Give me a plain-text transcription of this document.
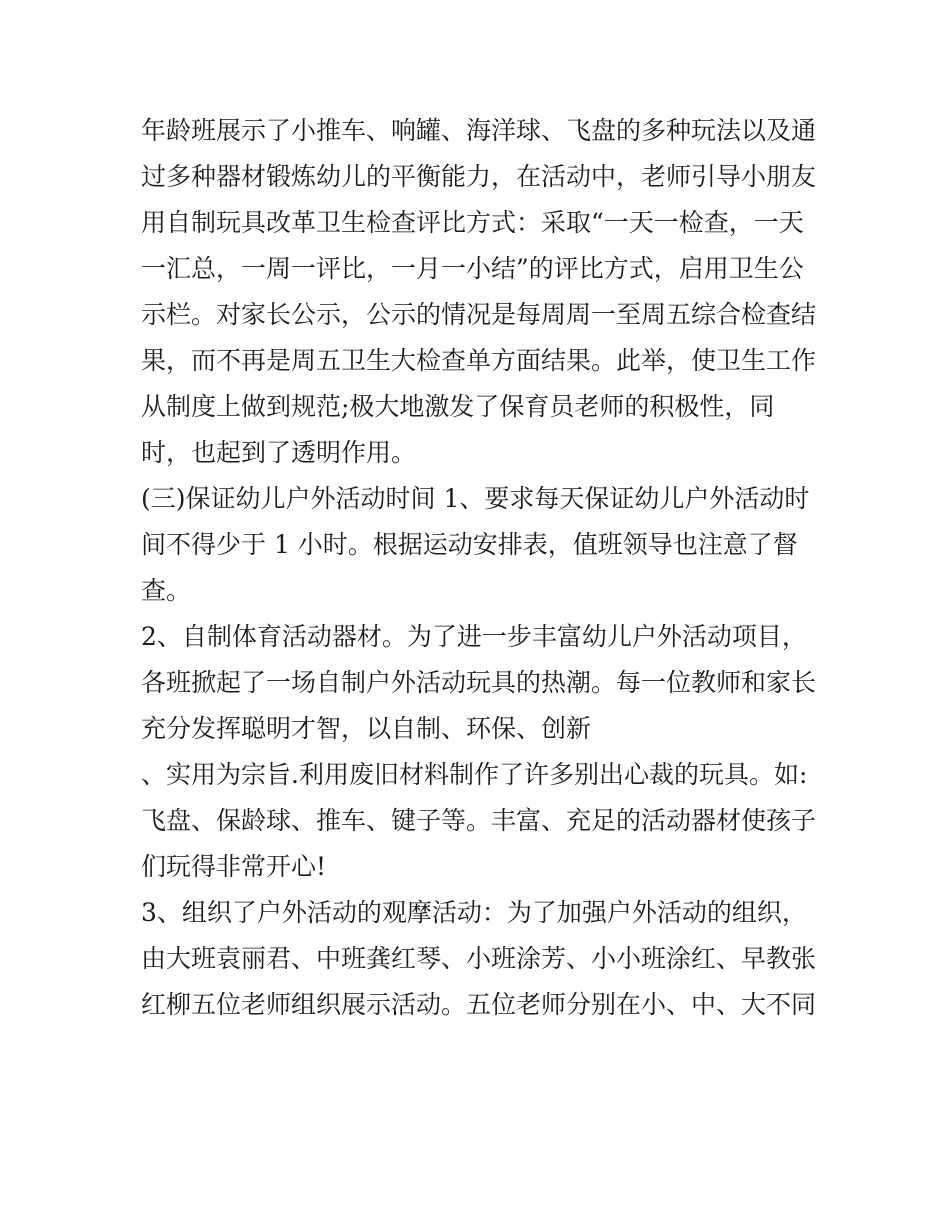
年龄班展示了小推车、响罐、海洋球、飞盘的多种玩法以及通
过多种器材锻炼幼儿的平衡能力，在活动中，老师引导小朋友
用自制玩具改革卫生检查评比方式：采取“一天一检查，一天
一汇总，一周一评比，一月一小结”的评比方式，启用卫生公
示栏。对家长公示，公示的情况是每周周一至周五综合检查结
果，而不再是周五卫生大检查单方面结果。此举，使卫生工作
从制度上做到规范;极大地激发了保育员老师的积极性，同
时，也起到了透明作用。
(三)保证幼儿户外活动时间 1、要求每天保证幼儿户外活动时
间不得少于 1 小时。根据运动安排表，值班领导也注意了督
查。
2、自制体育活动器材。为了进一步丰富幼儿户外活动项目，
各班掀起了一场自制户外活动玩具的热潮。每一位教师和家长
充分发挥聪明才智，以自制、环保、创新
、实用为宗旨.利用废旧材料制作了许多别出心裁的玩具。如:
飞盘、保龄球、推车、键子等。丰富、充足的活动器材使孩子
们玩得非常开心!
3、组织了户外活动的观摩活动：为了加强户外活动的组织，
由大班袁丽君、中班龚红琴、小班涂芳、小小班涂红、早教张
红柳五位老师组织展示活动。五位老师分别在小、中、大不同
